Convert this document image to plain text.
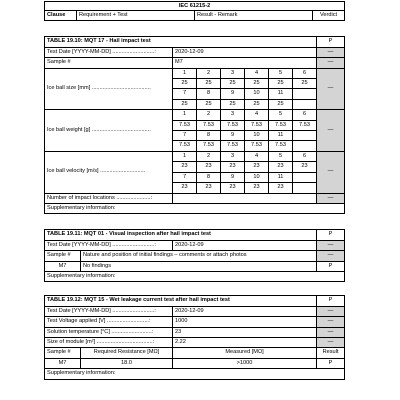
IEC 61215-2
Clause	Requirement + Test	Result - Remark	Verdict
TABLE 19.10: MQT 17 - Hail impact test							P
Test Date [YYYY-MM-DD] ...........................:	2020-12-09						—
Sample #	M7						—
Ice ball size [mm] ......................................	1	2	3	4	5	6	—
	25	25	25	25	25	25	
	7	8	9	10	11		
	25	25	25	25	25		
Ice ball weight [g] ......................................	1	2	3	4	5	6	—
	7.53	7.53	7.53	7.53	7.53	7.53	
	7	8	9	10	11		
	7.53	7.53	7.53	7.53	7.53		
Ice ball velocity [m/s] .............................	1	2	3	4	5	6	—
	23	23	23	23	23	23	
	7	8	9	10	11		
	23	23	23	23	23		
Number of impact locations ......................:							—
Supplementary information:							
TABLE 19.11: MQT 01 - Visual inspection after hail impact test			P
Test Date [YYYY-MM-DD] ...........................:		2020-12-09	—
Sample #	Nature and position of initial findings – comments or attach photos		—
M7	No findings		P
Supplementary information:			
TABLE 19.12: MQT 15 - Wet leakage current test after hail impact test			P
Test Date [YYYY-MM-DD] ...........................:		2020-12-09	—
Test Voltage applied [V] ...........................:		1000	—
Solution temperature [°C] ..........................:		23	—
Size of module [m²] ....................................:		2.22	—
Sample #	Required Resistance [MΩ]	Measured [MΩ]	Result
M7	18.0	>1000	P
Supplementary information:			
